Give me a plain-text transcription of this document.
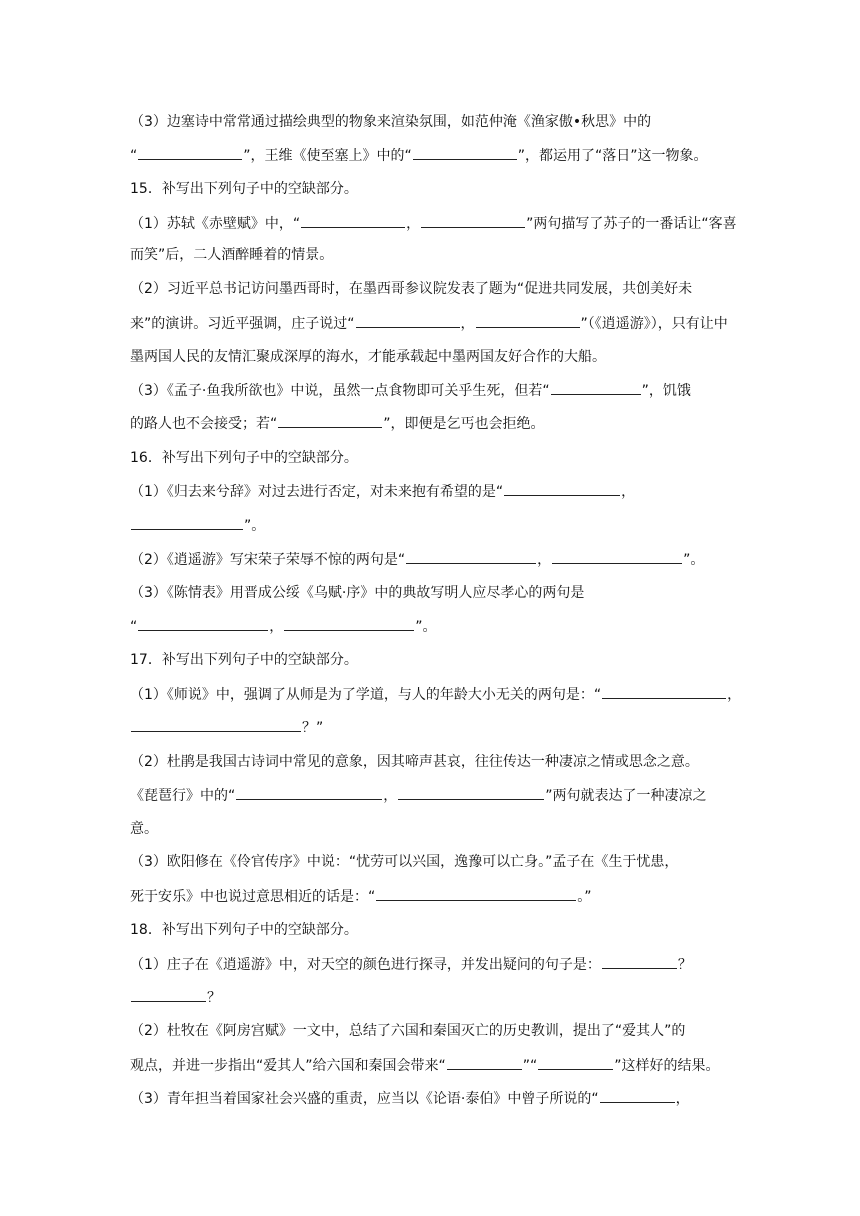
（3）边塞诗中常常通过描绘典型的物象来渲染氛围，如范仲淹《渔家傲•秋思》中的
“	”，王维《使至塞上》中的“	”，都运用了“落日”这一物象。
15．补写出下列句子中的空缺部分。
（1）苏轼《赤壁赋》中，“	，	”两句描写了苏子的一番话让“客喜
而笑”后，二人酒醉睡着的情景。
（2）习近平总书记访问墨西哥时，在墨西哥参议院发表了题为“促进共同发展，共创美好未
来”的演讲。习近平强调，庄子说过“	，	”（《逍遥游》），只有让中
墨两国人民的友情汇聚成深厚的海水，才能承载起中墨两国友好合作的大船。
（3）《孟子·鱼我所欲也》中说，虽然一点食物即可关乎生死，但若“	”，饥饿
的路人也不会接受；若“	”，即便是乞丐也会拒绝。
16．补写出下列句子中的空缺部分。
（1）《归去来兮辞》对过去进行否定，对未来抱有希望的是“	，
”。
（2）《逍遥游》写宋荣子荣辱不惊的两句是“	，	”。
（3）《陈情表》用晋成公绥《乌赋·序》中的典故写明人应尽孝心的两句是
“	，	”。
17．补写出下列句子中的空缺部分。
（1）《师说》中，强调了从师是为了学道，与人的年龄大小无关的两句是：“	，
？”
（2）杜鹃是我国古诗词中常见的意象，因其啼声甚哀，往往传达一种凄凉之情或思念之意。
《琵琶行》中的“	，	”两句就表达了一种凄凉之
意。
（3）欧阳修在《伶官传序》中说：“忧劳可以兴国，逸豫可以亡身。”孟子在《生于忧患，
死于安乐》中也说过意思相近的话是：“	。”
18．补写出下列句子中的空缺部分。
（1）庄子在《逍遥游》中，对天空的颜色进行探寻，并发出疑问的句子是：	？
？
（2）杜牧在《阿房宫赋》一文中，总结了六国和秦国灭亡的历史教训，提出了“爱其人”的
观点，并进一步指出“爱其人”给六国和秦国会带来“	”“	”这样好的结果。
（3）青年担当着国家社会兴盛的重责，应当以《论语·泰伯》中曾子所说的“	，
